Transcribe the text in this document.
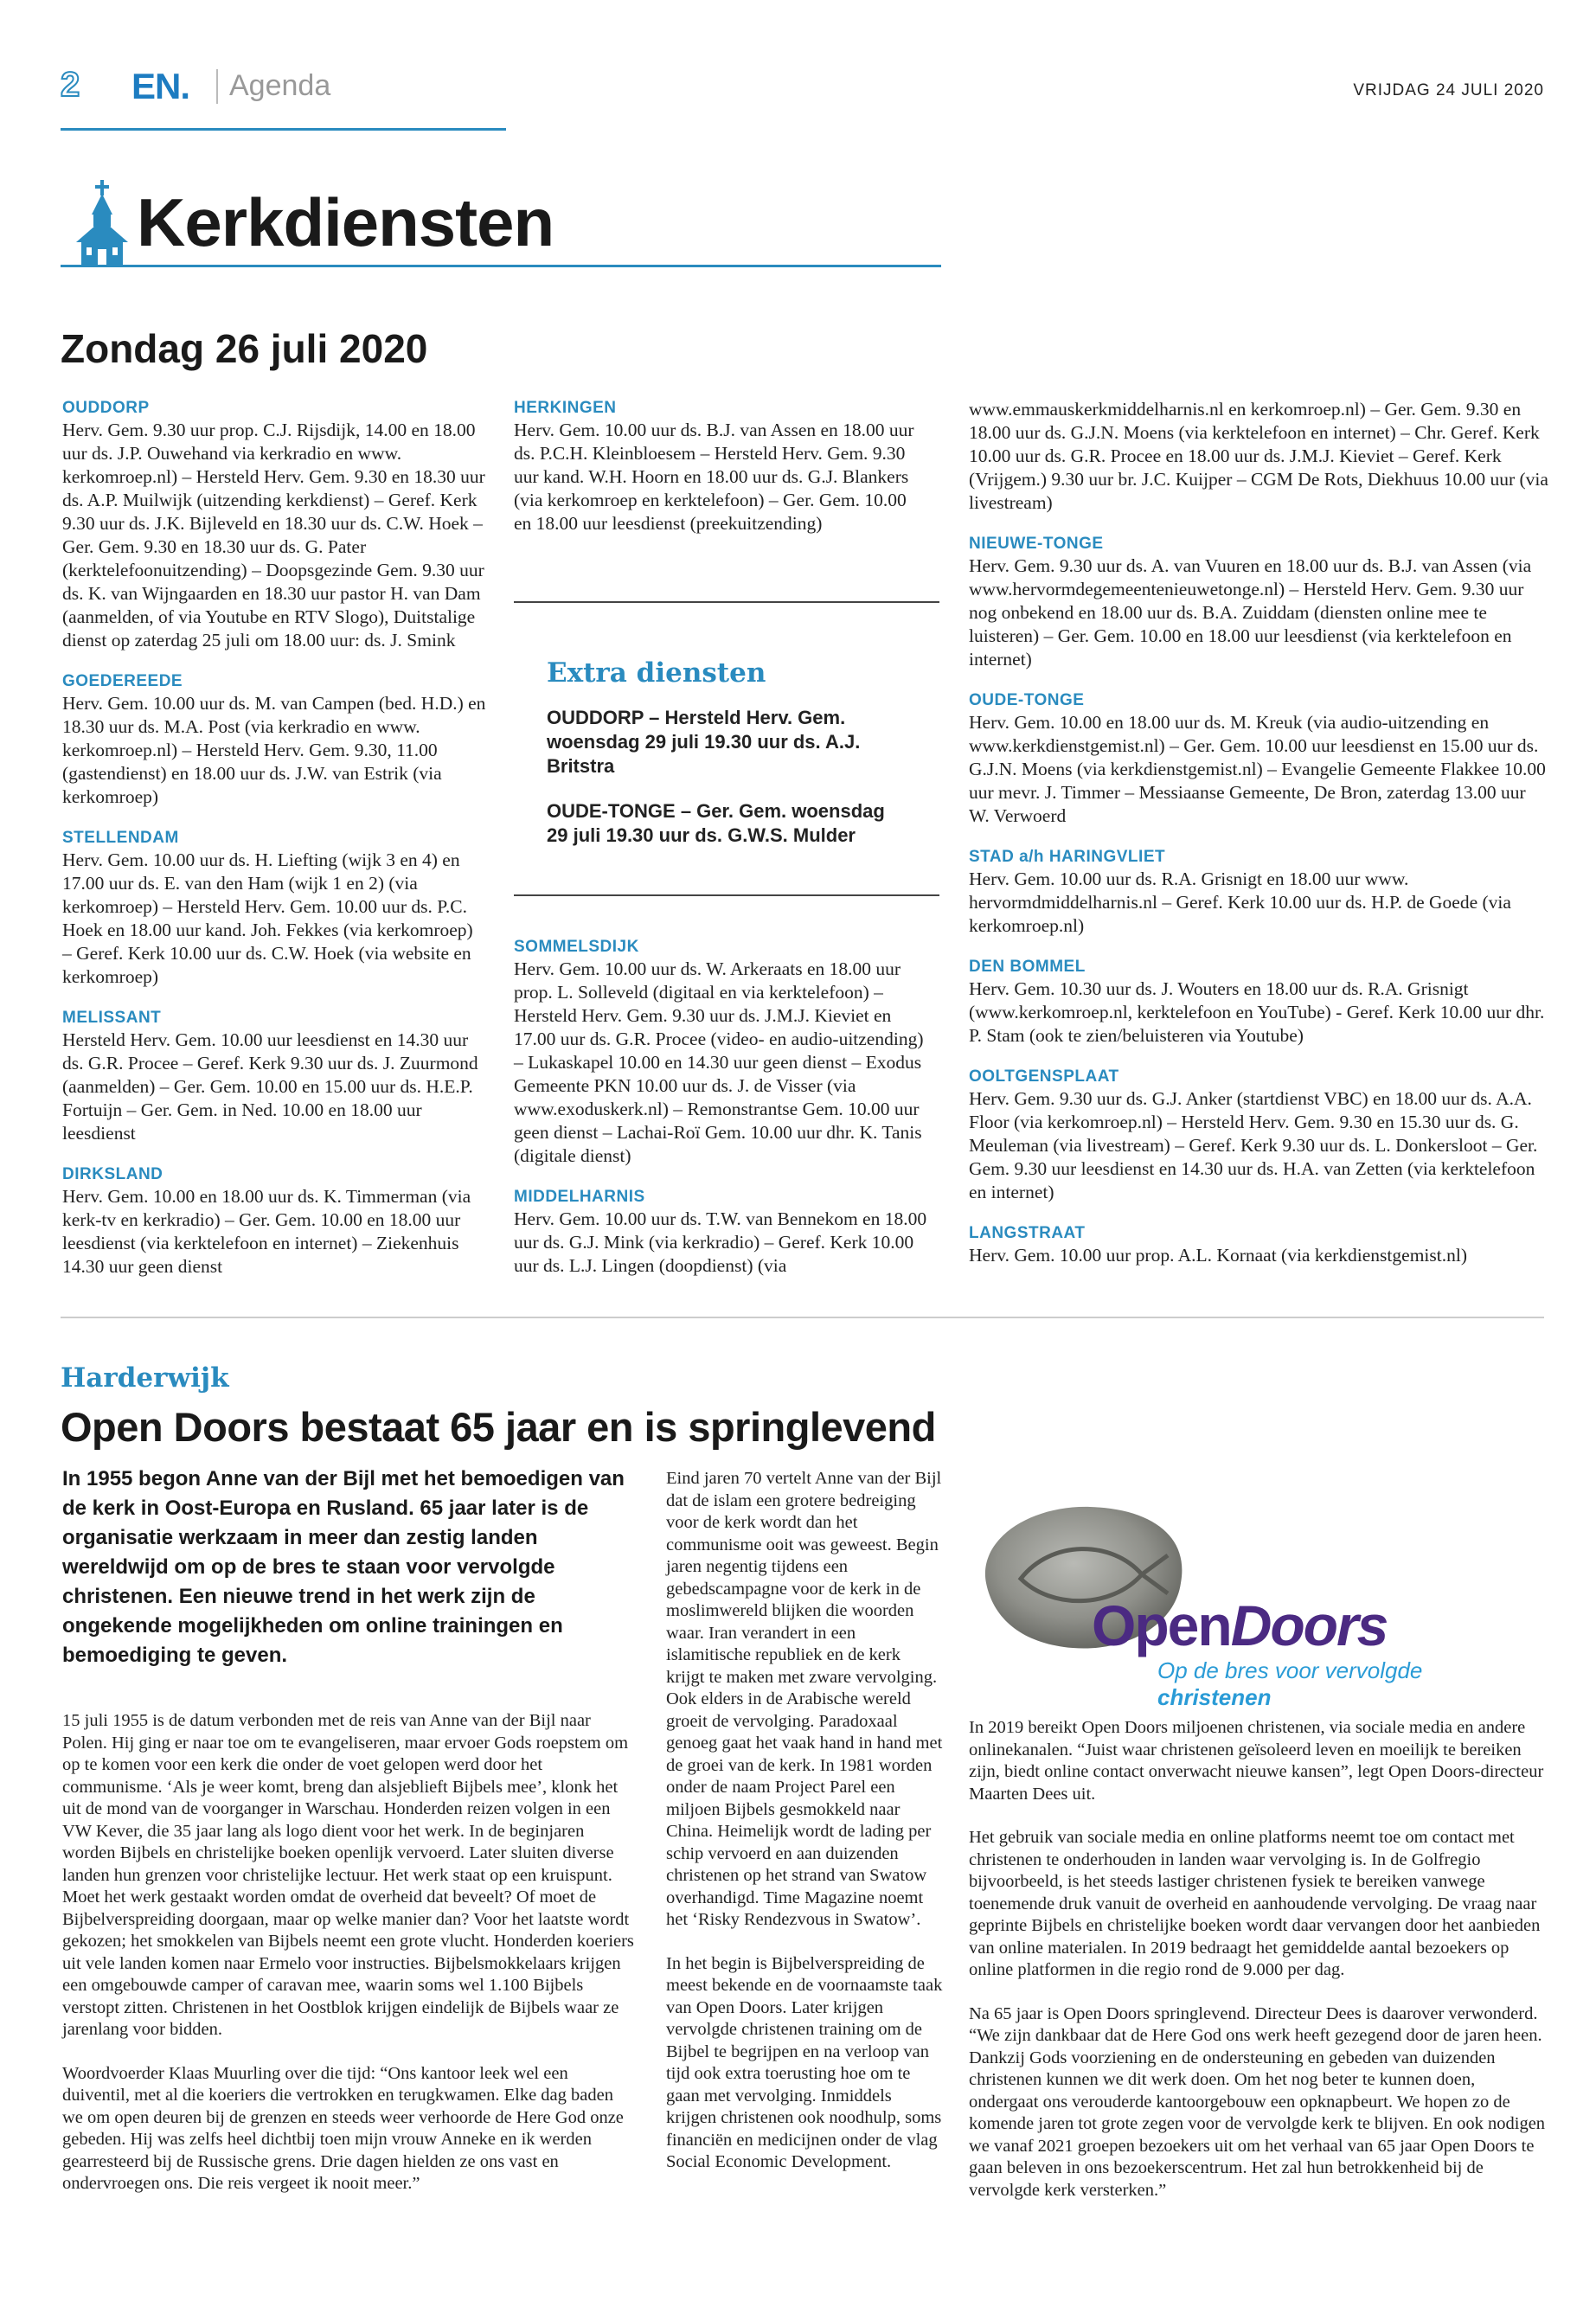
2 EN. Agenda	VRIJDAG 24 JULI 2020
Kerkdiensten
Zondag 26 juli 2020
OUDDORP

Herv. Gem. 9.30 uur prop. C.J. Rijsdijk, 14.00 en 18.00 uur ds. J.P. Ouwehand via kerkradio en www. kerkomroep.nl) – Hersteld Herv. Gem. 9.30 en 18.30 uur ds. A.P. Muilwijk (uitzending kerkdienst) – Geref. Kerk 9.30 uur ds. J.K. Bijleveld en 18.30 uur ds. C.W. Hoek – Ger. Gem. 9.30 en 18.30 uur ds. G. Pater (kerktelefoonuitzending) – Doopsgezinde Gem. 9.30 uur ds. K. van Wijngaarden en 18.30 uur pastor H. van Dam (aanmelden, of via Youtube en RTV Slogo), Duitstalige dienst op zaterdag 25 juli om 18.00 uur: ds. J. Smink

GOEDEREEDE

Herv. Gem. 10.00 uur ds. M. van Campen (bed. H.D.) en 18.30 uur ds. M.A. Post (via kerkradio en www. kerkomroep.nl) – Hersteld Herv. Gem. 9.30, 11.00 (gastendienst) en 18.00 uur ds. J.W. van Estrik (via kerkomroep)

STELLENDAM

Herv. Gem. 10.00 uur ds. H. Liefting (wijk 3 en 4) en 17.00 uur ds. E. van den Ham (wijk 1 en 2) (via kerkomroep) – Hersteld Herv. Gem. 10.00 uur ds. P.C. Hoek en 18.00 uur kand. Joh. Fekkes (via kerkomroep) – Geref. Kerk 10.00 uur ds. C.W. Hoek (via website en kerkomroep)

MELISSANT

Hersteld Herv. Gem. 10.00 uur leesdienst en 14.30 uur ds. G.R. Procee – Geref. Kerk 9.30 uur ds. J. Zuurmond (aanmelden) – Ger. Gem. 10.00 en 15.00 uur ds. H.E.P. Fortuijn – Ger. Gem. in Ned. 10.00 en 18.00 uur leesdienst

DIRKSLAND

Herv. Gem. 10.00 en 18.00 uur ds. K. Timmerman (via kerk-tv en kerkradio) – Ger. Gem. 10.00 en 18.00 uur leesdienst (via kerktelefoon en internet) – Ziekenhuis 14.30 uur geen dienst

HERKINGEN

Herv. Gem. 10.00 uur ds. B.J. van Assen en 18.00 uur ds. P.C.H. Kleinbloesem – Hersteld Herv. Gem. 9.30 uur kand. W.H. Hoorn en 18.00 uur ds. G.J. Blankers (via kerkomroep en kerktelefoon) – Ger. Gem. 10.00 en 18.00 uur leesdienst (preekuitzending)

Extra diensten
OUDDORP – Hersteld Herv. Gem. woensdag 29 juli 19.30 uur ds. A.J. Britstra
OUDE-TONGE – Ger. Gem. woensdag 29 juli 19.30 uur ds. G.W.S. Mulder
SOMMELSDIJK

Herv. Gem. 10.00 uur ds. W. Arkeraats en 18.00 uur prop. L. Solleveld (digitaal en via kerktelefoon) – Hersteld Herv. Gem. 9.30 uur ds. J.M.J. Kieviet en 17.00 uur ds. G.R. Procee (video- en audio-uitzending) – Lukaskapel 10.00 en 14.30 uur geen dienst – Exodus Gemeente PKN 10.00 uur ds. J. de Visser (via www.exoduskerk.nl) – Remonstrantse Gem. 10.00 uur geen dienst – Lachai-Roï Gem. 10.00 uur dhr. K. Tanis (digitale dienst)

MIDDELHARNIS

Herv. Gem. 10.00 uur ds. T.W. van Bennekom en 18.00 uur ds. G.J. Mink (via kerkradio) – Geref. Kerk 10.00 uur ds. L.J. Lingen (doopdienst) (via

www.emmauskerkmiddelharnis.nl en kerkomroep.nl) – Ger. Gem. 9.30 en 18.00 uur ds. G.J.N. Moens (via kerktelefoon en internet) – Chr. Geref. Kerk 10.00 uur ds. G.R. Procee en 18.00 uur ds. J.M.J. Kieviet – Geref. Kerk (Vrijgem.) 9.30 uur br. J.C. Kuijper – CGM De Rots, Diekhuus 10.00 uur (via livestream)

NIEUWE-TONGE

Herv. Gem. 9.30 uur ds. A. van Vuuren en 18.00 uur ds. B.J. van Assen (via www.hervormdegemeentenieuwetonge.nl) – Hersteld Herv. Gem. 9.30 uur nog onbekend en 18.00 uur ds. B.A. Zuiddam (diensten online mee te luisteren) – Ger. Gem. 10.00 en 18.00 uur leesdienst (via kerktelefoon en internet)

OUDE-TONGE

Herv. Gem. 10.00 en 18.00 uur ds. M. Kreuk (via audio-uitzending en www.kerkdienstgemist.nl) – Ger. Gem. 10.00 uur leesdienst en 15.00 uur ds. G.J.N. Moens (via kerkdienstgemist.nl) – Evangelie Gemeente Flakkee 10.00 uur mevr. J. Timmer – Messiaanse Gemeente, De Bron, zaterdag 13.00 uur W. Verwoerd

STAD a/h HARINGVLIET

Herv. Gem. 10.00 uur ds. R.A. Grisnigt en 18.00 uur www. hervormdmiddelharnis.nl – Geref. Kerk 10.00 uur ds. H.P. de Goede (via kerkomroep.nl)

DEN BOMMEL

Herv. Gem. 10.30 uur ds. J. Wouters en 18.00 uur ds. R.A. Grisnigt (www.kerkomroep.nl, kerktelefoon en YouTube) - Geref. Kerk 10.00 uur dhr. P. Stam (ook te zien/beluisteren via Youtube)

OOLTGENSPLAAT

Herv. Gem. 9.30 uur ds. G.J. Anker (startdienst VBC) en 18.00 uur ds. A.A. Floor (via kerkomroep.nl) – Hersteld Herv. Gem. 9.30 en 15.30 uur ds. G. Meuleman (via livestream) – Geref. Kerk 9.30 uur ds. L. Donkersloot – Ger. Gem. 9.30 uur leesdienst en 14.30 uur ds. H.A. van Zetten (via kerktelefoon en internet)

LANGSTRAAT

Herv. Gem. 10.00 uur prop. A.L. Kornaat (via kerkdienstgemist.nl)

Harderwijk
Open Doors bestaat 65 jaar en is springlevend
In 1955 begon Anne van der Bijl met het bemoedigen van de kerk in Oost-Europa en Rusland. 65 jaar later is de organisatie werkzaam in meer dan zestig landen wereldwijd om op de bres te staan voor vervolgde christenen. Een nieuwe trend in het werk zijn de ongekende mogelijkheden om online trainingen en bemoediging te geven.

15 juli 1955 is de datum verbonden met de reis van Anne van der Bijl naar Polen. Hij ging er naar toe om te evangeliseren, maar ervoer Gods roepstem om op te komen voor een kerk die onder de voet gelopen werd door het communisme. ‘Als je weer komt, breng dan alsjeblieft Bijbels mee’, klonk het uit de mond van de voorganger in Warschau. Honderden reizen volgen in een VW Kever, die 35 jaar lang als logo dient voor het werk. In de beginjaren worden Bijbels en christelijke boeken openlijk vervoerd. Later sluiten diverse landen hun grenzen voor christelijke lectuur. Het werk staat op een kruispunt. Moet het werk gestaakt worden omdat de overheid dat beveelt? Of moet de Bijbelverspreiding doorgaan, maar op welke manier dan? Voor het laatste wordt gekozen; het smokkelen van Bijbels neemt een grote vlucht. Honderden koeriers uit vele landen komen naar Ermelo voor instructies. Bijbelsmokkelaars krijgen een omgebouwde camper of caravan mee, waarin soms wel 1.100 Bijbels verstopt zitten. Christenen in het Oostblok krijgen eindelijk de Bijbels waar ze jarenlang voor bidden.

Woordvoerder Klaas Muurling over die tijd: “Ons kantoor leek wel een duiventil, met al die koeriers die vertrokken en terugkwamen. Elke dag baden we om open deuren bij de grenzen en steeds weer verhoorde de Here God onze gebeden. Hij was zelfs heel dichtbij toen mijn vrouw Anneke en ik werden gearresteerd bij de Russische grens. Drie dagen hielden ze ons vast en ondervroegen ons. Die reis vergeet ik nooit meer.”

Eind jaren 70 vertelt Anne van der Bijl dat de islam een grotere bedreiging voor de kerk wordt dan het communisme ooit was geweest. Begin jaren negentig tijdens een gebedscampagne voor de kerk in de moslimwereld blijken die woorden waar. Iran verandert in een islamitische republiek en de kerk krijgt te maken met zware vervolging. Ook elders in de Arabische wereld groeit de vervolging. Paradoxaal genoeg gaat het vaak hand in hand met de groei van de kerk. In 1981 worden onder de naam Project Parel een miljoen Bijbels gesmokkeld naar China. Heimelijk wordt de lading per schip vervoerd en aan duizenden christenen op het strand van Swatow overhandigd. Time Magazine noemt het ‘Risky Rendezvous in Swatow’.

In het begin is Bijbelverspreiding de meest bekende en de voornaamste taak van Open Doors. Later krijgen vervolgde christenen training om de Bijbel te begrijpen en na verloop van tijd ook extra toerusting hoe om te gaan met vervolging. Inmiddels krijgen christenen ook noodhulp, soms financiën en medicijnen onder de vlag Social Economic Development.

OpenDoors
Op de bres voor vervolgde christenen

In 2019 bereikt Open Doors miljoenen christenen, via sociale media en andere onlinekanalen. “Juist waar christenen geïsoleerd leven en moeilijk te bereiken zijn, biedt online contact onverwacht nieuwe kansen”, legt Open Doors-directeur Maarten Dees uit.

Het gebruik van sociale media en online platforms neemt toe om contact met christenen te onderhouden in landen waar vervolging is. In de Golfregio bijvoorbeeld, is het steeds lastiger christenen fysiek te bereiken vanwege toenemende druk vanuit de overheid en aanhoudende vervolging. De vraag naar geprinte Bijbels en christelijke boeken wordt daar vervangen door het aanbieden van online materialen. In 2019 bedraagt het gemiddelde aantal bezoekers op online platformen in die regio rond de 9.000 per dag.

Na 65 jaar is Open Doors springlevend. Directeur Dees is daarover verwonderd. “We zijn dankbaar dat de Here God ons werk heeft gezegend door de jaren heen. Dankzij Gods voorziening en de ondersteuning en gebeden van duizenden christenen kunnen we dit werk doen. Om het nog beter te kunnen doen, ondergaat ons verouderde kantoorgebouw een opknapbeurt. We hopen zo de komende jaren tot grote zegen voor de vervolgde kerk te blijven. En ook nodigen we vanaf 2021 groepen bezoekers uit om het verhaal van 65 jaar Open Doors te gaan beleven in ons bezoekerscentrum. Het zal hun betrokkenheid bij de vervolgde kerk versterken.”
